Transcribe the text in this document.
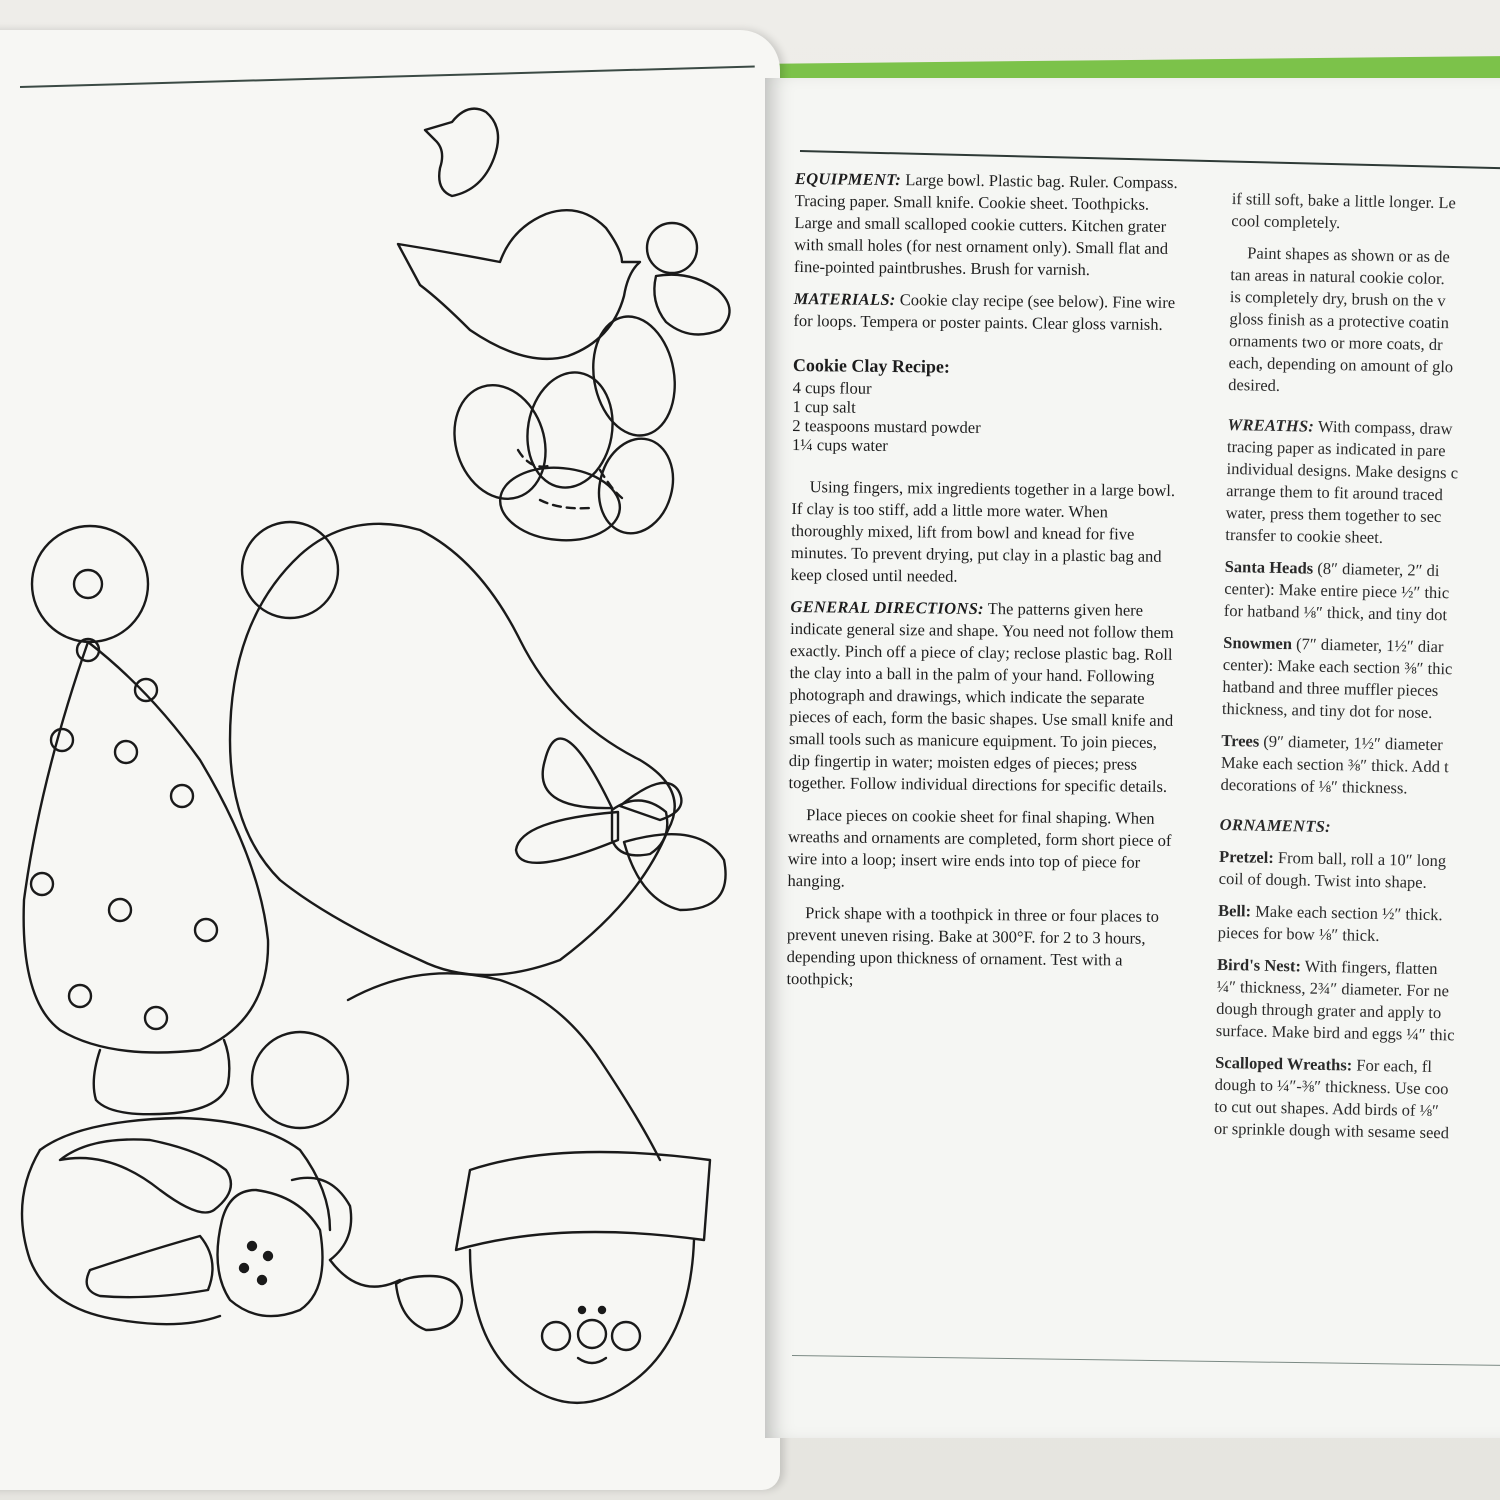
EQUIPMENT: Large bowl. Plastic bag. Ruler. Compass. Tracing paper. Small knife. Cookie sheet. Toothpicks. Large and small scalloped cookie cutters. Kitchen grater with small holes (for nest ornament only). Small flat and fine-pointed paintbrushes. Brush for varnish.

MATERIALS: Cookie clay recipe (see below). Fine wire for loops. Tempera or poster paints. Clear gloss varnish.

Cookie Clay Recipe:
4 cups flour
1 cup salt
2 teaspoons mustard powder
1¼ cups water

Using fingers, mix ingredients together in a large bowl. If clay is too stiff, add a little more water. When thoroughly mixed, lift from bowl and knead for five minutes. To prevent drying, put clay in a plastic bag and keep closed until needed.

GENERAL DIRECTIONS: The patterns given here indicate general size and shape. You need not follow them exactly. Pinch off a piece of clay; reclose plastic bag. Roll the clay into a ball in the palm of your hand. Following photograph and drawings, which indicate the separate pieces of each, form the basic shapes. Use small knife and small tools such as manicure equipment. To join pieces, dip fingertip in water; moisten edges of pieces; press together. Follow individual directions for specific details.

Place pieces on cookie sheet for final shaping. When wreaths and ornaments are completed, form short piece of wire into a loop; insert wire ends into top of piece for hanging.

Prick shape with a toothpick in three or four places to prevent uneven rising. Bake at 300°F. for 2 to 3 hours, depending upon thickness of ornament. Test with a toothpick;

if still soft, bake a little longer. Le
cool completely.

Paint shapes as shown or as de
tan areas in natural cookie color.
is completely dry, brush on the v
gloss finish as a protective coatin
ornaments two or more coats, dr
each, depending on amount of glo
desired.

WREATHS: With compass, draw
tracing paper as indicated in pare
individual designs. Make designs c
arrange them to fit around traced
water, press them together to sec
transfer to cookie sheet.

Santa Heads (8″ diameter, 2″ di
center): Make entire piece ½″ thic
for hatband ⅛″ thick, and tiny dot

Snowmen (7″ diameter, 1½″ diar
center): Make each section ⅜″ thic
hatband and three muffler pieces
thickness, and tiny dot for nose.

Trees (9″ diameter, 1½″ diameter
Make each section ⅜″ thick. Add t
decorations of ⅛″ thickness.

ORNAMENTS:

Pretzel: From ball, roll a 10″ long
coil of dough. Twist into shape.

Bell: Make each section ½″ thick.
pieces for bow ⅛″ thick.

Bird's Nest: With fingers, flatten
¼″ thickness, 2¾″ diameter. For ne
dough through grater and apply to
surface. Make bird and eggs ¼″ thic

Scalloped Wreaths: For each, fl
dough to ¼″-⅜″ thickness. Use coo
to cut out shapes. Add birds of ⅛″
or sprinkle dough with sesame seed
